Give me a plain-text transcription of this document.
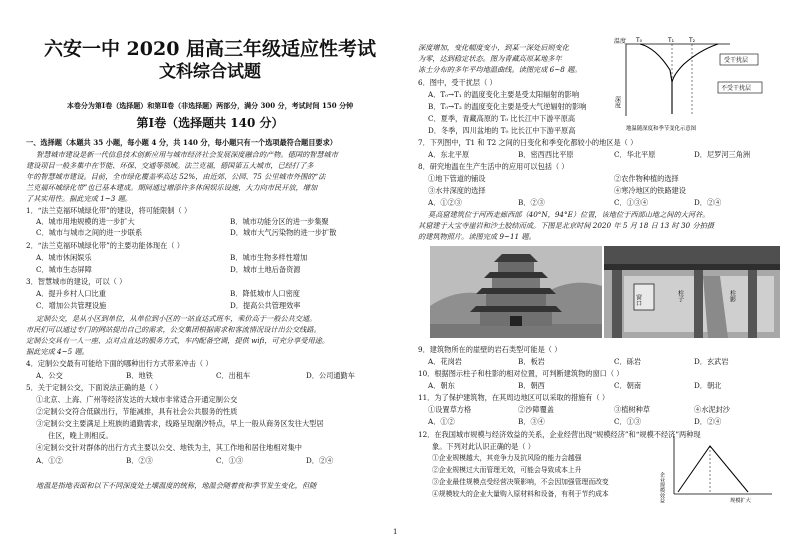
六安一中 2020 届高三年级适应性考试
文科综合试题
本卷分为第Ⅰ卷（选择题）和第Ⅱ卷（非选择题）两部分，满分 300 分，考试时间 150 分钟
第Ⅰ卷（选择题共 140 分）
一、选择题（本题共 35 小题，每小题 4 分，共 140 分，每小题只有一个选项最符合题目要求）
智慧城市建设是新一代信息技术创新应用与城市经济社会发展深度融合的产物。德国的智慧城市
建设项目一般多集中在节能、环保、交通等领域。法兰克福，德国第五大城市，已经打了多
年的智慧城市建设。目前，全市绿化覆盖率高达 52%，由近郊、公园、75 公里城市外围的“法
兰克福环城绿化带”也已基本建成。期间通过增添许多休闲娱乐设施，大力向市民开放，增加
了其实用性。据此完成 1~3 题。
1．“法兰克福环城绿化带”的建设，将可能限制（ ）
A．城市用地规模的进一步扩大	B．城市功能分区的进一步集聚
C．城市与城市之间的进一步联系	D．城市大气污染物的进一步扩散
2．“法兰克福环城绿化带”的主要功能体现在（ ）
A．城市休闲娱乐	B．城市生物多样性增加
C．城市生态屏障	D．城市土地后备资源
3．智慧城市的建设，可以（ ）
A．提升乡村人口比重	B．降低城市人口密度
C．增加公共管理设施	D．提高公共管理效率
定制公交，是从小区到单位，从单位到小区的一站直达式班车，乘价高于一般公共交通。
市民们可以通过专门的网站提出自己的需求，公交集团根据需求和客流情况设计出公交线路。
定制公交具有一人一座、点对点直达的服务方式，车内配备空调，提供 wifi，可充分享受用途。
据此完成 4~5 题。
4．定制公交最有可能给下面的哪种出行方式带来冲击（ ）
A．公交	B．地铁	C．出租车	D．公司通勤车
5．关于定制公交，下面说法正确的是（ ）
①北京、上海、广州等经济发达的大城市非常适合开通定制公交
②定制公交符合低碳出行，节能减排，具有社会公共服务的性质
③定制公交主要满足上班族的通勤需求，线路呈现潮汐特点，早上一般从商务区发往大型居
住区，晚上则相反。
④定制公交针对群体的出行方式主要以公交、地铁为主，其工作地和居住地相对集中
A．①②	B．②③	C．①③	D．②④
地温是指地表面和以下不同深度处土壤温度的统称，地温会随着夜和季节发生变化，但随
深度增加，变化幅度变小，到某一深处后则变化
为零，达到稳定状态。图为青藏高原某地多年
冻土分布的多年平均地温曲线。读图完成 6~8 题。
6．图中，受干扰层（ ）
A．T₀→T₁ 的温度变化主要是受太阳辐射的影响
B．T₀→T₂ 的温度变化主要是受大气逆辐射的影响
C．夏季，青藏高原的 T₀ 比长江中下游平原高
D．冬季，四川盆地的 T₀ 比长江中下游平原高
7．下列图中，T1 和 T2 之间的日变化和季变化都较小的地区是（ ）
A．东北平原	B．密西西比平原	C．华北平原	D．尼罗河三角洲
8．研究地温在生产生活中的应用可以包括（ ）
①地下管道的铺设	②农作物种植的选择
③水井深度的选择	④寒冷地区的铁路建设
A．①②③	B．②③	C．①③④	D．②④
莫高窟建筑位于河西走廊西部（40°N，94°E）位置，该地位于西部山地之间的大河谷。
其窟建于大宝寺崖岩和沙土胶结而成。下图是北京时间 2020 年 5 月 18 日 13 时 30 分拍摄
的建筑物照片。读图完成 9~11 题。
9．建筑物所在的崖壁的岩石类型可能是（ ）
A．花岗岩	B．板岩	C．砾岩	D．玄武岩
10．根据图示柱子和柱影的相对位置，可判断建筑物的窗口（ ）
A．朝东	B．朝西	C．朝南	D．朝北
11．为了保护建筑物，在其周边地区可以采取的措施有（ ）
①设置草方格	②沙障覆盖	③植树种草	④水泥封沙
A．①②	B．③④	C．①③	D．②④
12．在我国城市规模与经济效益的关系，企业经营出现“规模经济”和“规模不经济”两种现
象。下列对此认识正确的是（ ）
①企业规模越大，其竞争力及抗风险的能力会越强
②企业规模过大而管理无效，可能会导致成本上升
③企业最佳规模点受经营决策影响，不会因加强管理而改变
④规模较大的企业大量购入原材料和设备，有利于节约成本
温度
深度
T₀	T₁ T₂
受干扰层
不受干扰层
地温随深度和季节变化示意图
窗口	柱子	柱影
企业规模效益	规模扩大
1
